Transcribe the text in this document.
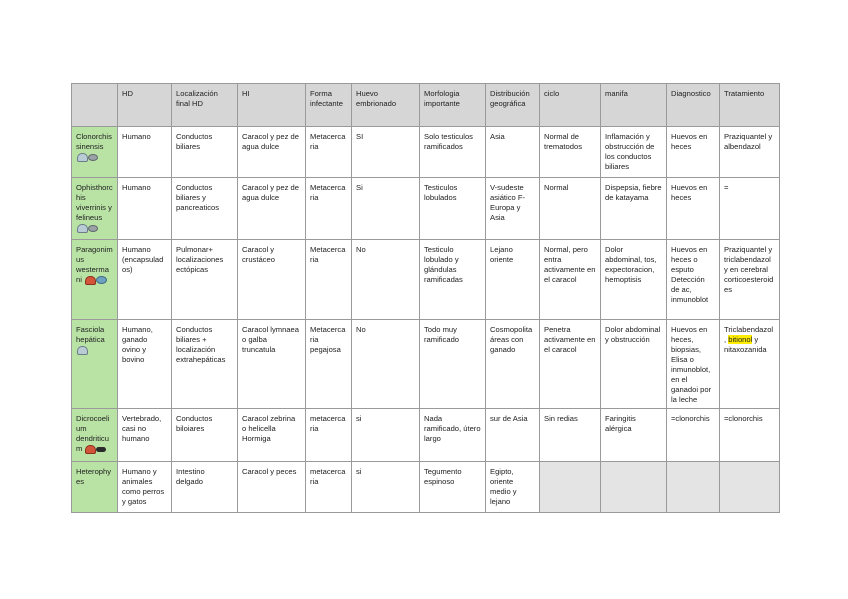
	HD	Localización final HD	HI	Forma infectante	Huevo embrionado	Morfologia importante	Distribución geográfica	ciclo	manifa	Diagnostico	Tratamiento
Clonorchis sinensis	Humano	Conductos biliares	Caracol y pez de agua dulce	Metacercaria	SI	Solo testiculos ramificados	Asia	Normal de trematodos	Inflamación y obstrucción de los conductos biliares	Huevos en heces	Praziquantel y albendazol
Ophisthorchis viverrinis y felineus	Humano	Conductos biliares y pancreaticos	Caracol y pez de agua dulce	Metacercaria	Si	Testiculos lobulados	V-sudeste asiático F-Europa y Asia	Normal	Dispepsia, fiebre de katayama	Huevos en heces	=
Paragonimus westermani	Humano (encapsulados)	Pulmonar+ localizaciones ectópicas	Caracol y crustáceo	Metacercaria	No	Testiculo lobulado y glándulas ramificadas	Lejano oriente	Normal, pero entra activamente en el caracol	Dolor abdominal, tos, expectoracion, hemoptisis	Huevos en heces o esputo Detección de ac, inmunoblot	Praziquantel y triclabendazol y en cerebral corticoesteroides
Fasciola hepática	Humano, ganado ovino y bovino	Conductos biliares + localización extrahepáticas	Caracol lymnaea o galba truncatula	Metacercaria pegajosa	No	Todo muy ramificado	Cosmopolita áreas con ganado	Penetra activamente en el caracol	Dolor abdominal y obstrucción	Huevos en heces, biopsias, Elisa o inmunoblot, en el ganadoi por la leche	Triclabendazol, bitionol y nitaxozanida
Dicrocoelium dendriticum	Vertebrado, casi no humano	Conductos biloiares	Caracol zebrina o helicella Hormiga	metacercaria	si	Nada ramificado, útero largo	sur de Asia	Sin redias	Faringitis alérgica	=clonorchis	=clonorchis
Heterophyes	Humano y animales como perros y gatos	Intestino delgado	Caracol y peces	metacercaria	si	Tegumento espinoso	Egipto, oriente medio y lejano				
